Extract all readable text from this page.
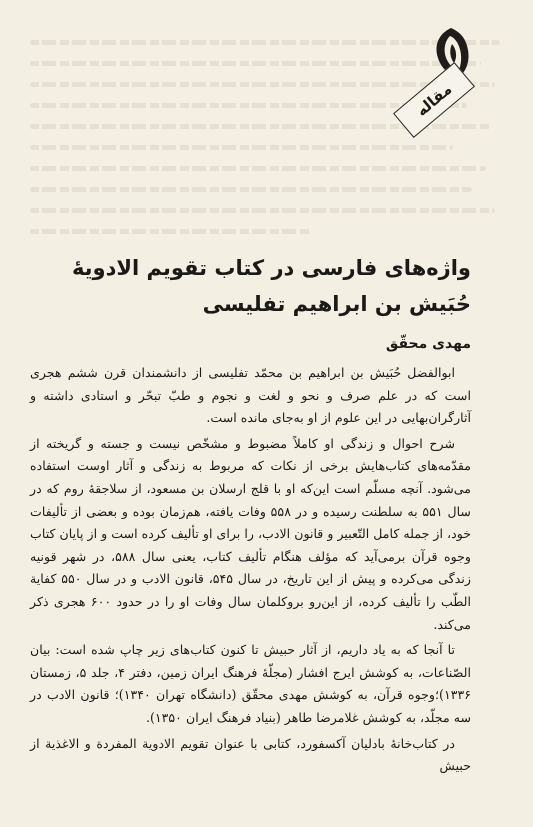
مقاله
واژه‌های فارسی در کتاب تقویم الادویهٔ حُبَیش بن ابراهیم تفلیسی
مهدی محقّق

ابوالفضل حُبَیش بن ابراهیم بن محمّد تفلیسی از دانشمندان قرن ششم هجری است که در علم صرف و نحو و لغت و نجوم و طبّ تبحّر و استادی داشته و آثارگران‌بهایی در این علوم از او به‌جای مانده است.

شرح احوال و زندگی او کاملاً مضبوط و مشخّص نیست و جسته و گریخته از مقدّمه‌های کتاب‌هایش برخی از نکات که مربوط به زندگی و آثار اوست استفاده می‌شود. آنچه مسلّم است این‌که او با قلج ارسلان بن مسعود، از سلاجقهٔ روم که در سال ۵۵۱ به سلطنت رسیده و در ۵۵۸ وفات یافته، هم‌زمان بوده و بعضی از تألیفات خود، از جمله کامل التّعبیر و قانون الادب، را برای او تألیف کرده است و از پایان کتاب وجوه قرآن برمی‌آید که مؤلف هنگام تألیف کتاب، یعنی سال ۵۸۸، در شهر قونیه زندگی می‌کرده و پیش از این تاریخ، در سال ۵۴۵، قانون الادب و در سال ۵۵۰ کفایة الطّب را تألیف کرده، از این‌رو بروکلمان سال وفات او را در حدود ۶۰۰ هجری ذکر می‌کند.

تا آنجا که به یاد داریم، از آثار حبیش تا کنون کتاب‌های زیر چاپ شده است: بیان الصّناعات، به کوشش ایرج افشار (مجلّهٔ فرهنگ ایران زمین، دفتر ۴، جلد ۵، زمستان ۱۳۳۶)؛وجوه قرآن، به کوشش مهدی محقّق (دانشگاه تهران ۱۳۴۰)؛ قانون الادب در سه مجلّد، به کوشش غلامرضا طاهر (بنیاد فرهنگ ایران ۱۳۵۰).

در کتاب‌خانهٔ بادلیان آکسفورد، کتابی با عنوان تقویم الادویة المفردة و الاغذیة از حبیش
